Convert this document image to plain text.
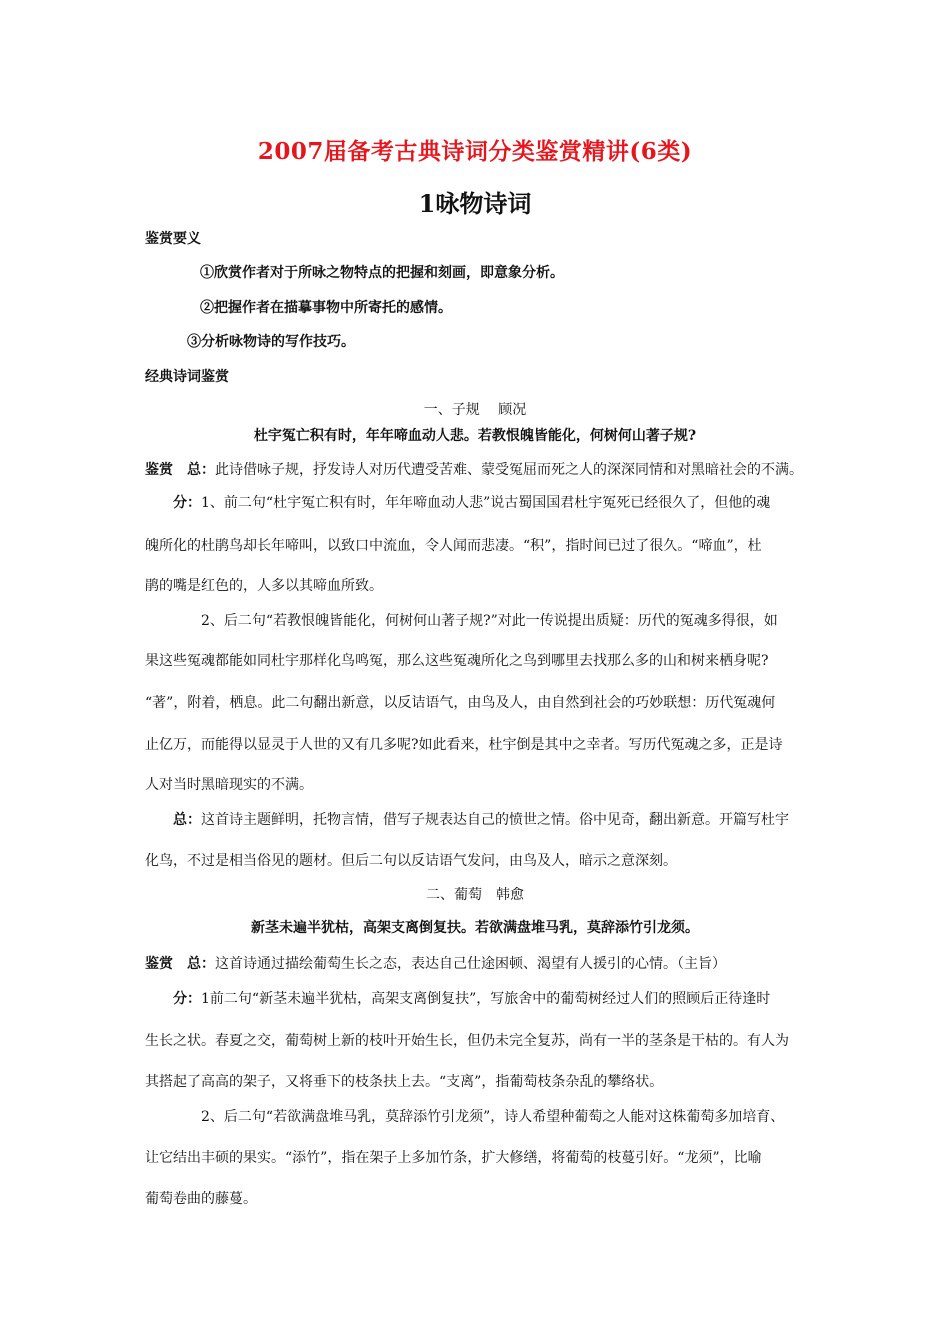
2007届备考古典诗词分类鉴赏精讲(6类)
1咏物诗词
鉴赏要义
①欣赏作者对于所咏之物特点的把握和刻画，即意象分析。
②把握作者在描摹事物中所寄托的感情。
③分析咏物诗的写作技巧。
经典诗词鉴赏
一、子规　 顾况
杜宇冤亡积有时，年年啼血动人悲。若教恨魄皆能化，何树何山著子规?
鉴赏　总：此诗借咏子规，抒发诗人对历代遭受苦难、蒙受冤屈而死之人的深深同情和对黑暗社会的不满。
分：1、前二句“杜宇冤亡积有时，年年啼血动人悲”说古蜀国国君杜宇冤死已经很久了，但他的魂
魄所化的杜鹃鸟却长年啼叫，以致口中流血，令人闻而悲凄。“积”，指时间已过了很久。“啼血”，杜
鹃的嘴是红色的，人多以其啼血所致。
2、后二句“若教恨魄皆能化，何树何山著子规?”对此一传说提出质疑：历代的冤魂多得很，如
果这些冤魂都能如同杜宇那样化鸟鸣冤，那么这些冤魂所化之鸟到哪里去找那么多的山和树来栖身呢?
“著”，附着，栖息。此二句翻出新意，以反诘语气，由鸟及人，由自然到社会的巧妙联想：历代冤魂何
止亿万，而能得以显灵于人世的又有几多呢?如此看来，杜宇倒是其中之幸者。写历代冤魂之多，正是诗
人对当时黑暗现实的不满。
总：这首诗主题鲜明，托物言情，借写子规表达自己的愤世之情。俗中见奇，翻出新意。开篇写杜宇
化鸟，不过是相当俗见的题材。但后二句以反诘语气发问，由鸟及人，暗示之意深刻。
二、葡萄　韩愈
新茎未遍半犹枯，高架支离倒复扶。若欲满盘堆马乳，莫辞添竹引龙须。
鉴赏　总：这首诗通过描绘葡萄生长之态，表达自己仕途困顿、渴望有人援引的心情。（主旨）
分：1前二句“新茎未遍半犹枯，高架支离倒复扶”，写旅舍中的葡萄树经过人们的照顾后正待逢时
生长之状。春夏之交，葡萄树上新的枝叶开始生长，但仍未完全复苏，尚有一半的茎条是干枯的。有人为
其搭起了高高的架子，又将垂下的枝条扶上去。“支离”，指葡萄枝条杂乱的攀络状。
2、后二句“若欲满盘堆马乳，莫辞添竹引龙须”，诗人希望种葡萄之人能对这株葡萄多加培育、
让它结出丰硕的果实。“添竹”，指在架子上多加竹条，扩大修缮，将葡萄的枝蔓引好。“龙须”，比喻
葡萄卷曲的藤蔓。
